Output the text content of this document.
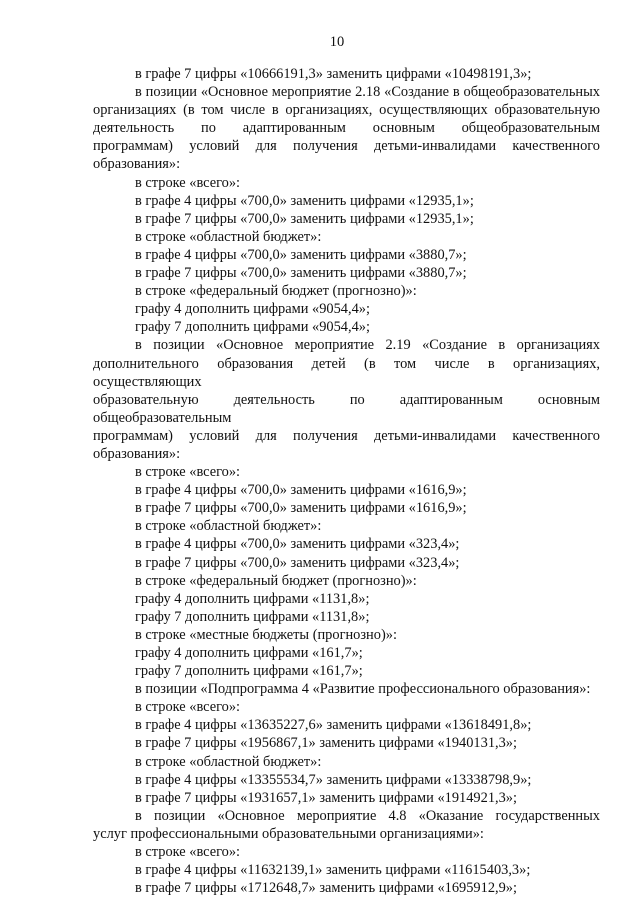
10
в графе 7 цифры «10666191,3» заменить цифрами «10498191,3»;
в позиции «Основное мероприятие 2.18 «Создание в общеобразовательных
организациях (в том числе в организациях, осуществляющих образовательную
деятельность по адаптированным основным общеобразовательным
программам) условий для получения детьми-инвалидами качественного
образования»:
в строке «всего»:
в графе 4 цифры «700,0» заменить цифрами «12935,1»;
в графе 7 цифры «700,0» заменить цифрами «12935,1»;
в строке «областной бюджет»:
в графе 4 цифры «700,0» заменить цифрами «3880,7»;
в графе 7 цифры «700,0» заменить цифрами «3880,7»;
в строке «федеральный бюджет (прогнозно)»:
графу 4 дополнить цифрами «9054,4»;
графу 7 дополнить цифрами «9054,4»;
в позиции «Основное мероприятие 2.19 «Создание в организациях
дополнительного образования детей (в том числе в организациях, осуществляющих
образовательную деятельность по адаптированным основным общеобразовательным
программам) условий для получения детьми-инвалидами качественного
образования»:
в строке «всего»:
в графе 4 цифры «700,0» заменить цифрами «1616,9»;
в графе 7 цифры «700,0» заменить цифрами «1616,9»;
в строке «областной бюджет»:
в графе 4 цифры «700,0» заменить цифрами «323,4»;
в графе 7 цифры «700,0» заменить цифрами «323,4»;
в строке «федеральный бюджет (прогнозно)»:
графу 4 дополнить цифрами «1131,8»;
графу 7 дополнить цифрами «1131,8»;
в строке «местные бюджеты (прогнозно)»:
графу 4 дополнить цифрами «161,7»;
графу 7 дополнить цифрами «161,7»;
в позиции «Подпрограмма 4 «Развитие профессионального образования»:
в строке «всего»:
в графе 4 цифры «13635227,6» заменить цифрами «13618491,8»;
в графе 7 цифры «1956867,1» заменить цифрами «1940131,3»;
в строке «областной бюджет»:
в графе 4 цифры «13355534,7» заменить цифрами «13338798,9»;
в графе 7 цифры «1931657,1» заменить цифрами «1914921,3»;
в позиции «Основное мероприятие 4.8 «Оказание государственных
услуг профессиональными образовательными организациями»:
в строке «всего»:
в графе 4 цифры «11632139,1» заменить цифрами «11615403,3»;
в графе 7 цифры «1712648,7» заменить цифрами «1695912,9»;
